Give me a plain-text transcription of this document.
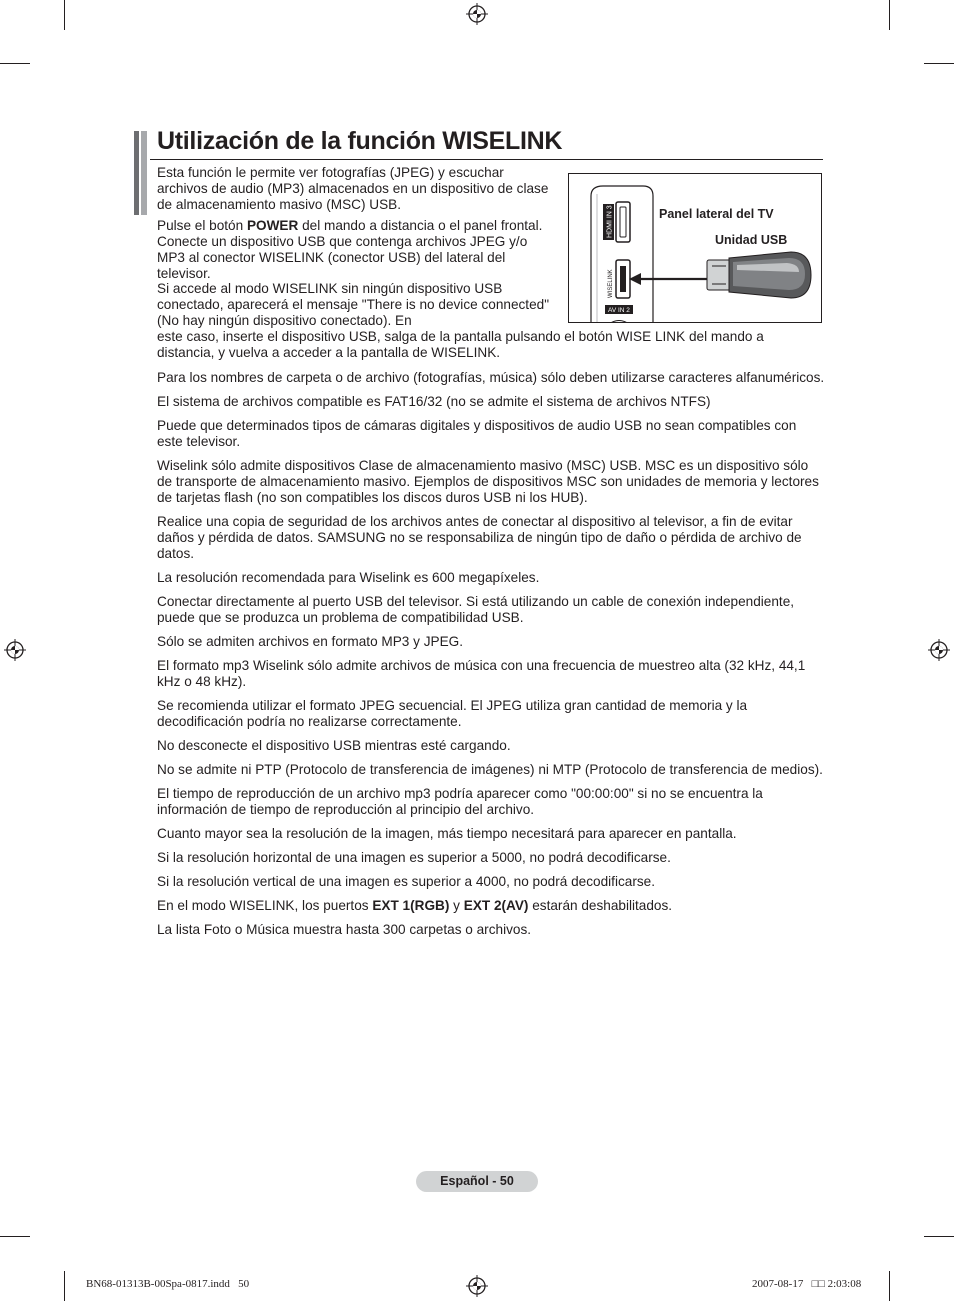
Utilización de la función WISELINK

Esta función le permite ver fotografías (JPEG) y escuchar archivos de audio (MP3) almacenados en un dispositivo de clase de almacenamiento masivo (MSC) USB.

Pulse el botón POWER del mando a distancia o el panel frontal. Conecte un dispositivo USB que contenga archivos JPEG y/o MP3 al conector WISELINK (conector USB) del lateral del televisor.

Si accede al modo WISELINK sin ningún dispositivo USB conectado, aparecerá el mensaje "There is no device connected" (No hay ningún dispositivo conectado). En
este caso, inserte el dispositivo USB, salga de la pantalla pulsando el botón WISE LINK del mando a distancia, y vuelva a acceder a la pantalla de WISELINK.

HDMI IN 3
WISELINK
AV IN 2
Panel lateral del TV
Unidad USB

Para los nombres de carpeta o de archivo (fotografías, música) sólo deben utilizarse caracteres alfanuméricos.

El sistema de archivos compatible es FAT16/32 (no se admite el sistema de archivos NTFS)

Puede que determinados tipos de cámaras digitales y dispositivos de audio USB no sean compatibles con este televisor.

Wiselink sólo admite dispositivos Clase de almacenamiento masivo (MSC) USB. MSC es un dispositivo sólo de transporte de almacenamiento masivo. Ejemplos de dispositivos MSC son unidades de memoria y lectores de tarjetas flash (no son compatibles los discos duros USB ni los HUB).

Realice una copia de seguridad de los archivos antes de conectar al dispositivo al televisor, a fin de evitar daños y pérdida de datos. SAMSUNG no se responsabiliza de ningún tipo de daño o pérdida de archivo de datos.

La resolución recomendada para Wiselink es 600 megapíxeles.

Conectar directamente al puerto USB del televisor. Si está utilizando un cable de conexión independiente, puede que se produzca un problema de compatibilidad USB.

Sólo se admiten archivos en formato MP3 y JPEG.

El formato mp3 Wiselink sólo admite archivos de música con una frecuencia de muestreo alta (32 kHz, 44,1 kHz o 48 kHz).

Se recomienda utilizar el formato JPEG secuencial. El JPEG utiliza gran cantidad de memoria y la decodificación podría no realizarse correctamente.

No desconecte el dispositivo USB mientras esté cargando.

No se admite ni PTP (Protocolo de transferencia de imágenes) ni MTP (Protocolo de transferencia de medios).

El tiempo de reproducción de un archivo mp3 podría aparecer como "00:00:00" si no se encuentra la información de tiempo de reproducción al principio del archivo.

Cuanto mayor sea la resolución de la imagen, más tiempo necesitará para aparecer en pantalla.

Si la resolución horizontal de una imagen es superior a 5000, no podrá decodificarse.

Si la resolución vertical de una imagen es superior a 4000, no podrá decodificarse.

En el modo WISELINK, los puertos EXT 1(RGB) y EXT 2(AV) estarán deshabilitados.

La lista Foto o Música muestra hasta 300 carpetas o archivos.

Español - 50
BN68-01313B-00Spa-0817.indd   50	2007-08-17   □□ 2:03:08
